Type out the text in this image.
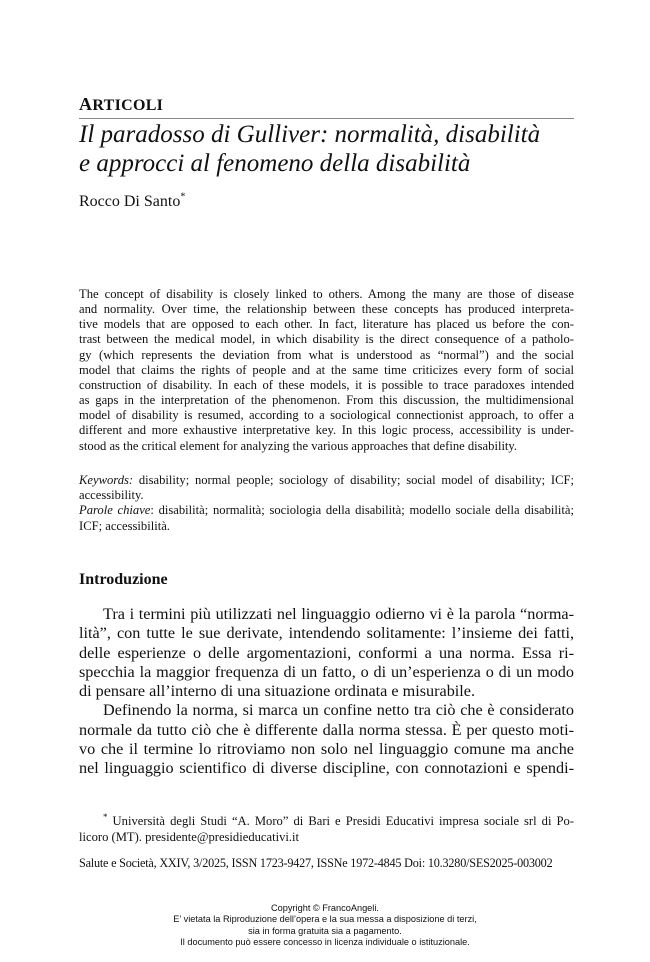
ARTICOLI
Il paradosso di Gulliver: normalità, disabilità
e approcci al fenomeno della disabilità
Rocco Di Santo*
The concept of disability is closely linked to others. Among the many are those of disease
and normality. Over time, the relationship between these concepts has produced interpreta-
tive models that are opposed to each other. In fact, literature has placed us before the con-
trast between the medical model, in which disability is the direct consequence of a patholo-
gy (which represents the deviation from what is understood as “normal”) and the social
model that claims the rights of people and at the same time criticizes every form of social
construction of disability. In each of these models, it is possible to trace paradoxes intended
as gaps in the interpretation of the phenomenon. From this discussion, the multidimensional
model of disability is resumed, according to a sociological connectionist approach, to offer a
different and more exhaustive interpretative key. In this logic process, accessibility is under-
stood as the critical element for analyzing the various approaches that define disability.
Keywords: disability; normal people; sociology of disability; social model of disability; ICF;
accessibility.
Parole chiave: disabilità; normalità; sociologia della disabilità; modello sociale della disabilità;
ICF; accessibilità.
Introduzione
Tra i termini più utilizzati nel linguaggio odierno vi è la parola “norma-
lità”, con tutte le sue derivate, intendendo solitamente: l’insieme dei fatti,
delle esperienze o delle argomentazioni, conformi a una norma. Essa ri-
specchia la maggior frequenza di un fatto, o di un’esperienza o di un modo
di pensare all’interno di una situazione ordinata e misurabile.
Definendo la norma, si marca un confine netto tra ciò che è considerato
normale da tutto ciò che è differente dalla norma stessa. È per questo moti-
vo che il termine lo ritroviamo non solo nel linguaggio comune ma anche
nel linguaggio scientifico di diverse discipline, con connotazioni e spendi-
* Università degli Studi “A. Moro” di Bari e Presidi Educativi impresa sociale srl di Po-
licoro (MT). presidente@presidieducativi.it
Salute e Società, XXIV, 3/2025, ISSN 1723-9427, ISSNe 1972-4845 Doi: 10.3280/SES2025-003002
Copyright © FrancoAngeli.
E’ vietata la Riproduzione dell’opera e la sua messa a disposizione di terzi,
sia in forma gratuita sia a pagamento.
Il documento può essere concesso in licenza individuale o istituzionale.
